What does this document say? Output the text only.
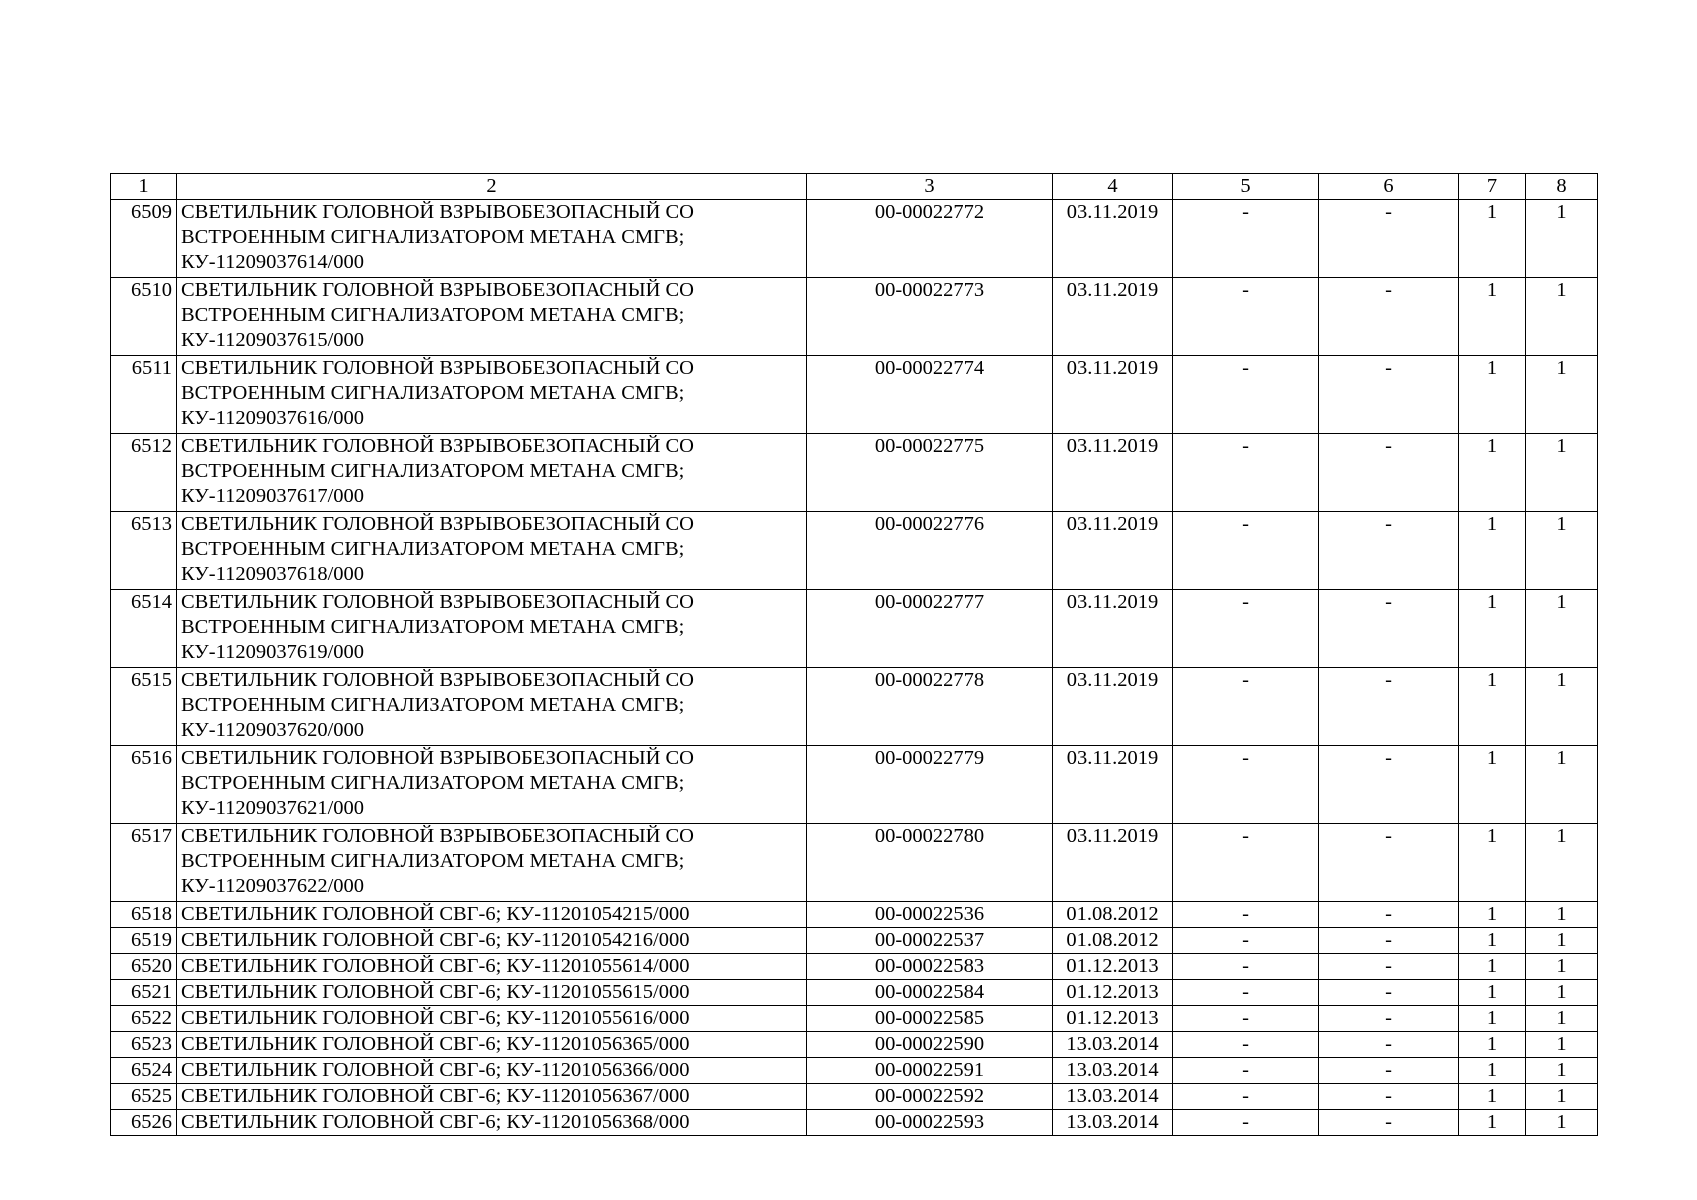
1	2	3	4	5	6	7	8
6509	СВЕТИЛЬНИК ГОЛОВНОЙ ВЗРЫВОБЕЗОПАСНЫЙ СО
ВСТРОЕННЫМ СИГНАЛИЗАТОРОМ МЕТАНА СМГВ;
КУ-11209037614/000	00-00022772	03.11.2019	-	-	1	1
6510	СВЕТИЛЬНИК ГОЛОВНОЙ ВЗРЫВОБЕЗОПАСНЫЙ СО
ВСТРОЕННЫМ СИГНАЛИЗАТОРОМ МЕТАНА СМГВ;
КУ-11209037615/000	00-00022773	03.11.2019	-	-	1	1
6511	СВЕТИЛЬНИК ГОЛОВНОЙ ВЗРЫВОБЕЗОПАСНЫЙ СО
ВСТРОЕННЫМ СИГНАЛИЗАТОРОМ МЕТАНА СМГВ;
КУ-11209037616/000	00-00022774	03.11.2019	-	-	1	1
6512	СВЕТИЛЬНИК ГОЛОВНОЙ ВЗРЫВОБЕЗОПАСНЫЙ СО
ВСТРОЕННЫМ СИГНАЛИЗАТОРОМ МЕТАНА СМГВ;
КУ-11209037617/000	00-00022775	03.11.2019	-	-	1	1
6513	СВЕТИЛЬНИК ГОЛОВНОЙ ВЗРЫВОБЕЗОПАСНЫЙ СО
ВСТРОЕННЫМ СИГНАЛИЗАТОРОМ МЕТАНА СМГВ;
КУ-11209037618/000	00-00022776	03.11.2019	-	-	1	1
6514	СВЕТИЛЬНИК ГОЛОВНОЙ ВЗРЫВОБЕЗОПАСНЫЙ СО
ВСТРОЕННЫМ СИГНАЛИЗАТОРОМ МЕТАНА СМГВ;
КУ-11209037619/000	00-00022777	03.11.2019	-	-	1	1
6515	СВЕТИЛЬНИК ГОЛОВНОЙ ВЗРЫВОБЕЗОПАСНЫЙ СО
ВСТРОЕННЫМ СИГНАЛИЗАТОРОМ МЕТАНА СМГВ;
КУ-11209037620/000	00-00022778	03.11.2019	-	-	1	1
6516	СВЕТИЛЬНИК ГОЛОВНОЙ ВЗРЫВОБЕЗОПАСНЫЙ СО
ВСТРОЕННЫМ СИГНАЛИЗАТОРОМ МЕТАНА СМГВ;
КУ-11209037621/000	00-00022779	03.11.2019	-	-	1	1
6517	СВЕТИЛЬНИК ГОЛОВНОЙ ВЗРЫВОБЕЗОПАСНЫЙ СО
ВСТРОЕННЫМ СИГНАЛИЗАТОРОМ МЕТАНА СМГВ;
КУ-11209037622/000	00-00022780	03.11.2019	-	-	1	1
6518	СВЕТИЛЬНИК ГОЛОВНОЙ СВГ-6; КУ-11201054215/000	00-00022536	01.08.2012	-	-	1	1
6519	СВЕТИЛЬНИК ГОЛОВНОЙ СВГ-6; КУ-11201054216/000	00-00022537	01.08.2012	-	-	1	1
6520	СВЕТИЛЬНИК ГОЛОВНОЙ СВГ-6; КУ-11201055614/000	00-00022583	01.12.2013	-	-	1	1
6521	СВЕТИЛЬНИК ГОЛОВНОЙ СВГ-6; КУ-11201055615/000	00-00022584	01.12.2013	-	-	1	1
6522	СВЕТИЛЬНИК ГОЛОВНОЙ СВГ-6; КУ-11201055616/000	00-00022585	01.12.2013	-	-	1	1
6523	СВЕТИЛЬНИК ГОЛОВНОЙ СВГ-6; КУ-11201056365/000	00-00022590	13.03.2014	-	-	1	1
6524	СВЕТИЛЬНИК ГОЛОВНОЙ СВГ-6; КУ-11201056366/000	00-00022591	13.03.2014	-	-	1	1
6525	СВЕТИЛЬНИК ГОЛОВНОЙ СВГ-6; КУ-11201056367/000	00-00022592	13.03.2014	-	-	1	1
6526	СВЕТИЛЬНИК ГОЛОВНОЙ СВГ-6; КУ-11201056368/000	00-00022593	13.03.2014	-	-	1	1
